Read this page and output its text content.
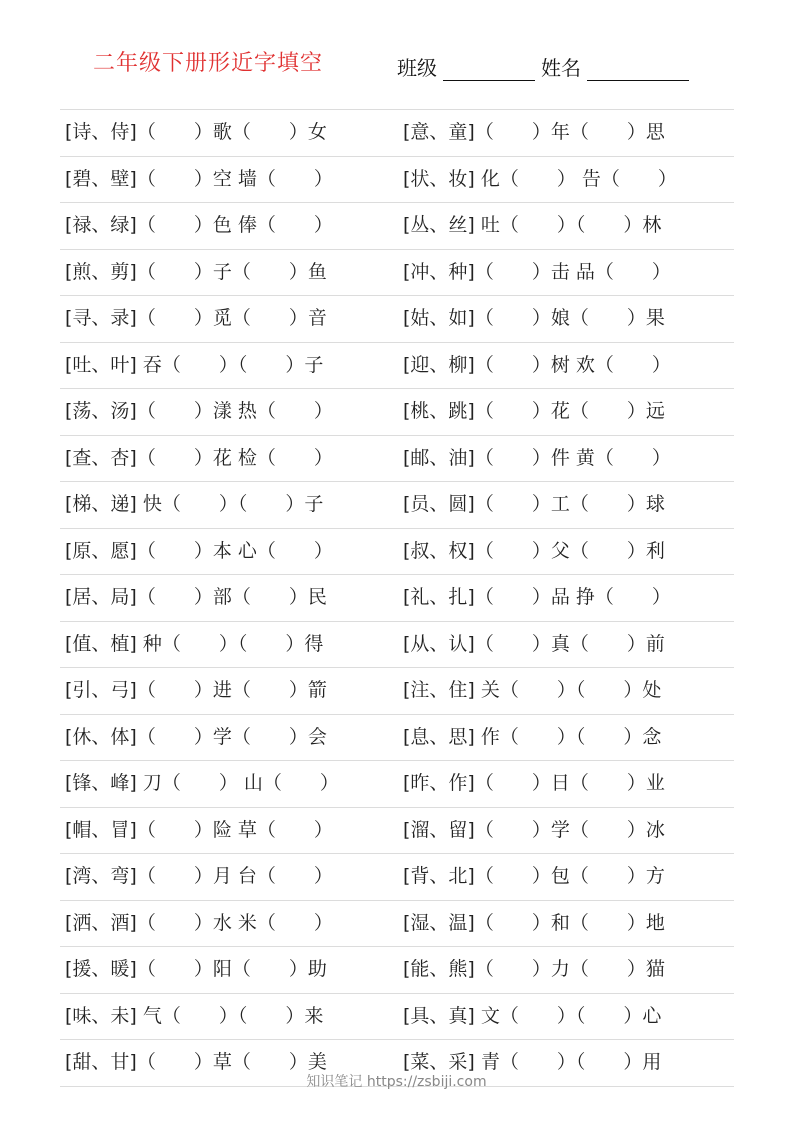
二年级下册形近字填空	班级	姓名
[诗、侍]（　　）歌（　　）女	[意、童]（　　）年（　　）思
[碧、壁]（　　）空 墙（　　）	[状、妆] 化（　　） 告（　　）
[禄、绿]（　　）色 俸（　　）	[丛、丝] 吐（　　）（　　）林
[煎、剪]（　　）子（　　）鱼	[冲、种]（　　）击 品（　　）
[寻、录]（　　）觅（　　）音	[姑、如]（　　）娘（　　）果
[吐、叶] 吞（　　）（　　）子	[迎、柳]（　　）树 欢（　　）
[荡、汤]（　　）漾 热（　　）	[桃、跳]（　　）花（　　）远
[查、杏]（　　）花 检（　　）	[邮、油]（　　）件 黄（　　）
[梯、递] 快（　　）（　　）子	[员、圆]（　　）工（　　）球
[原、愿]（　　）本 心（　　）	[叔、权]（　　）父（　　）利
[居、局]（　　）部（　　）民	[礼、扎]（　　）品 挣（　　）
[值、植] 种（　　）（　　）得	[从、认]（　　）真（　　）前
[引、弓]（　　）进（　　）箭	[注、住] 关（　　）（　　）处
[休、体]（　　）学（　　）会	[息、思] 作（　　）（　　）念
[锋、峰] 刀（　　） 山（　　）	[昨、作]（　　）日（　　）业
[帽、冒]（　　）险 草（　　）	[溜、留]（　　）学（　　）冰
[湾、弯]（　　）月 台（　　）	[背、北]（　　）包（　　）方
[洒、酒]（　　）水 米（　　）	[湿、温]（　　）和（　　）地
[援、暖]（　　）阳（　　）助	[能、熊]（　　）力（　　）猫
[味、未] 气（　　）（　　）来	[具、真] 文（　　）（　　）心
[甜、甘]（　　）草（　　）美	[菜、采] 青（　　）（　　）用
知识笔记 https://zsbiji.com
